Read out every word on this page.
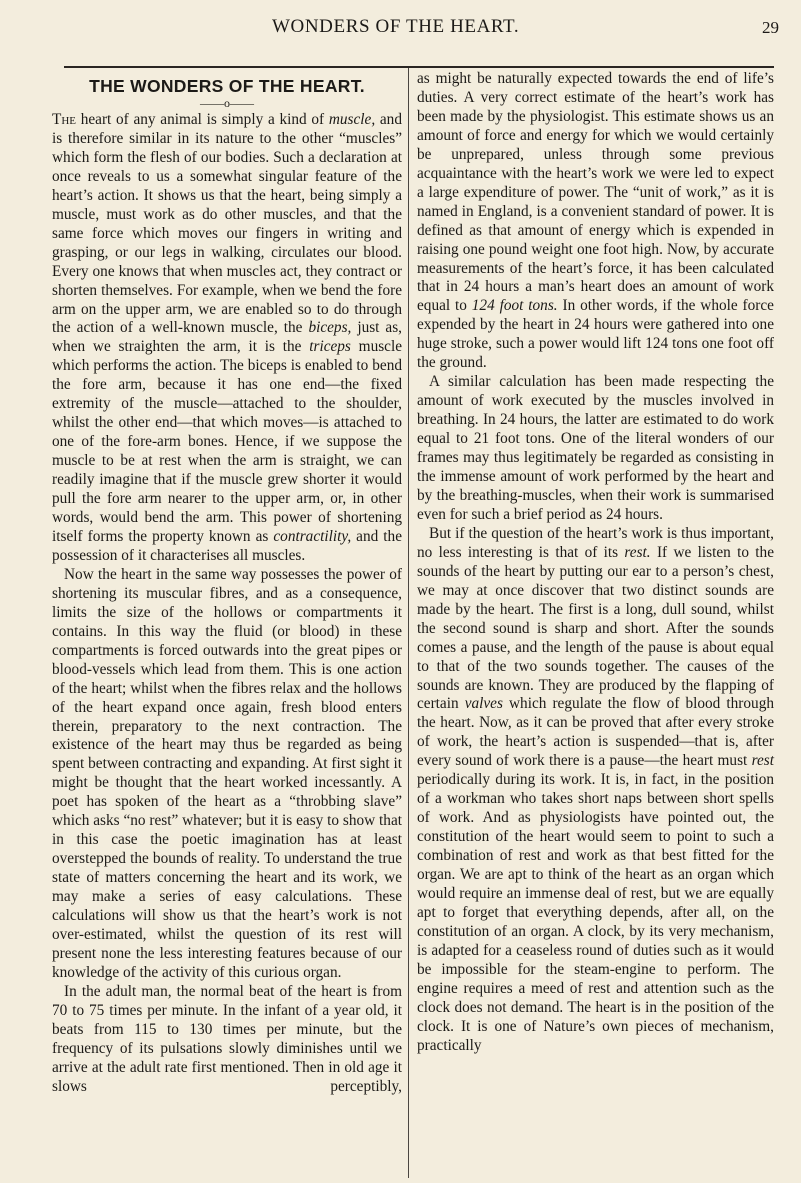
WONDERS OF THE HEART.	29
THE WONDERS OF THE HEART.
——o——

The heart of any animal is simply a kind of muscle, and is therefore similar in its nature to the other “muscles” which form the flesh of our bodies. Such a declaration at once reveals to us a somewhat singular feature of the heart’s action. It shows us that the heart, being simply a muscle, must work as do other muscles, and that the same force which moves our fingers in writing and grasping, or our legs in walking, circulates our blood. Every one knows that when muscles act, they contract or shorten themselves. For example, when we bend the fore arm on the upper arm, we are enabled so to do through the action of a well-known muscle, the biceps, just as, when we straighten the arm, it is the triceps muscle which performs the action. The biceps is enabled to bend the fore arm, because it has one end—the fixed extremity of the muscle—attached to the shoulder, whilst the other end—that which moves—is attached to one of the fore-arm bones. Hence, if we suppose the muscle to be at rest when the arm is straight, we can readily imagine that if the muscle grew shorter it would pull the fore arm nearer to the upper arm, or, in other words, would bend the arm. This power of shortening itself forms the property known as contractility, and the possession of it characterises all muscles.

Now the heart in the same way possesses the power of shortening its muscular fibres, and as a consequence, limits the size of the hollows or compartments it contains. In this way the fluid (or blood) in these compartments is forced outwards into the great pipes or blood-vessels which lead from them. This is one action of the heart; whilst when the fibres relax and the hollows of the heart expand once again, fresh blood enters therein, preparatory to the next contraction. The existence of the heart may thus be regarded as being spent between contracting and expanding. At first sight it might be thought that the heart worked incessantly. A poet has spoken of the heart as a “throbbing slave” which asks “no rest” whatever; but it is easy to show that in this case the poetic imagination has at least overstepped the bounds of reality. To understand the true state of matters concerning the heart and its work, we may make a series of easy calculations. These calculations will show us that the heart’s work is not over-estimated, whilst the question of its rest will present none the less interesting features because of our knowledge of the activity of this curious organ.

In the adult man, the normal beat of the heart is from 70 to 75 times per minute. In the infant of a year old, it beats from 115 to 130 times per minute, but the frequency of its pulsations slowly diminishes until we arrive at the adult rate first mentioned. Then in old age it slows perceptibly,

as might be naturally expected towards the end of life’s duties. A very correct estimate of the heart’s work has been made by the physiologist. This estimate shows us an amount of force and energy for which we would certainly be unprepared, unless through some previous acquaintance with the heart’s work we were led to expect a large expenditure of power. The “unit of work,” as it is named in England, is a convenient standard of power. It is defined as that amount of energy which is expended in raising one pound weight one foot high. Now, by accurate measurements of the heart’s force, it has been calculated that in 24 hours a man’s heart does an amount of work equal to 124 foot tons. In other words, if the whole force expended by the heart in 24 hours were gathered into one huge stroke, such a power would lift 124 tons one foot off the ground.

A similar calculation has been made respecting the amount of work executed by the muscles involved in breathing. In 24 hours, the latter are estimated to do work equal to 21 foot tons. One of the literal wonders of our frames may thus legitimately be regarded as consisting in the immense amount of work performed by the heart and by the breathing-muscles, when their work is summarised even for such a brief period as 24 hours.

But if the question of the heart’s work is thus important, no less interesting is that of its rest. If we listen to the sounds of the heart by putting our ear to a person’s chest, we may at once discover that two distinct sounds are made by the heart. The first is a long, dull sound, whilst the second sound is sharp and short. After the sounds comes a pause, and the length of the pause is about equal to that of the two sounds together. The causes of the sounds are known. They are produced by the flapping of certain valves which regulate the flow of blood through the heart. Now, as it can be proved that after every stroke of work, the heart’s action is suspended—that is, after every sound of work there is a pause—the heart must rest periodically during its work. It is, in fact, in the position of a workman who takes short naps between short spells of work. And as physiologists have pointed out, the constitution of the heart would seem to point to such a combination of rest and work as that best fitted for the organ. We are apt to think of the heart as an organ which would require an immense deal of rest, but we are equally apt to forget that everything depends, after all, on the constitution of an organ. A clock, by its very mechanism, is adapted for a ceaseless round of duties such as it would be impossible for the steam-engine to perform. The engine requires a meed of rest and attention such as the clock does not demand. The heart is in the position of the clock. It is one of Nature’s own pieces of mechanism, practically
